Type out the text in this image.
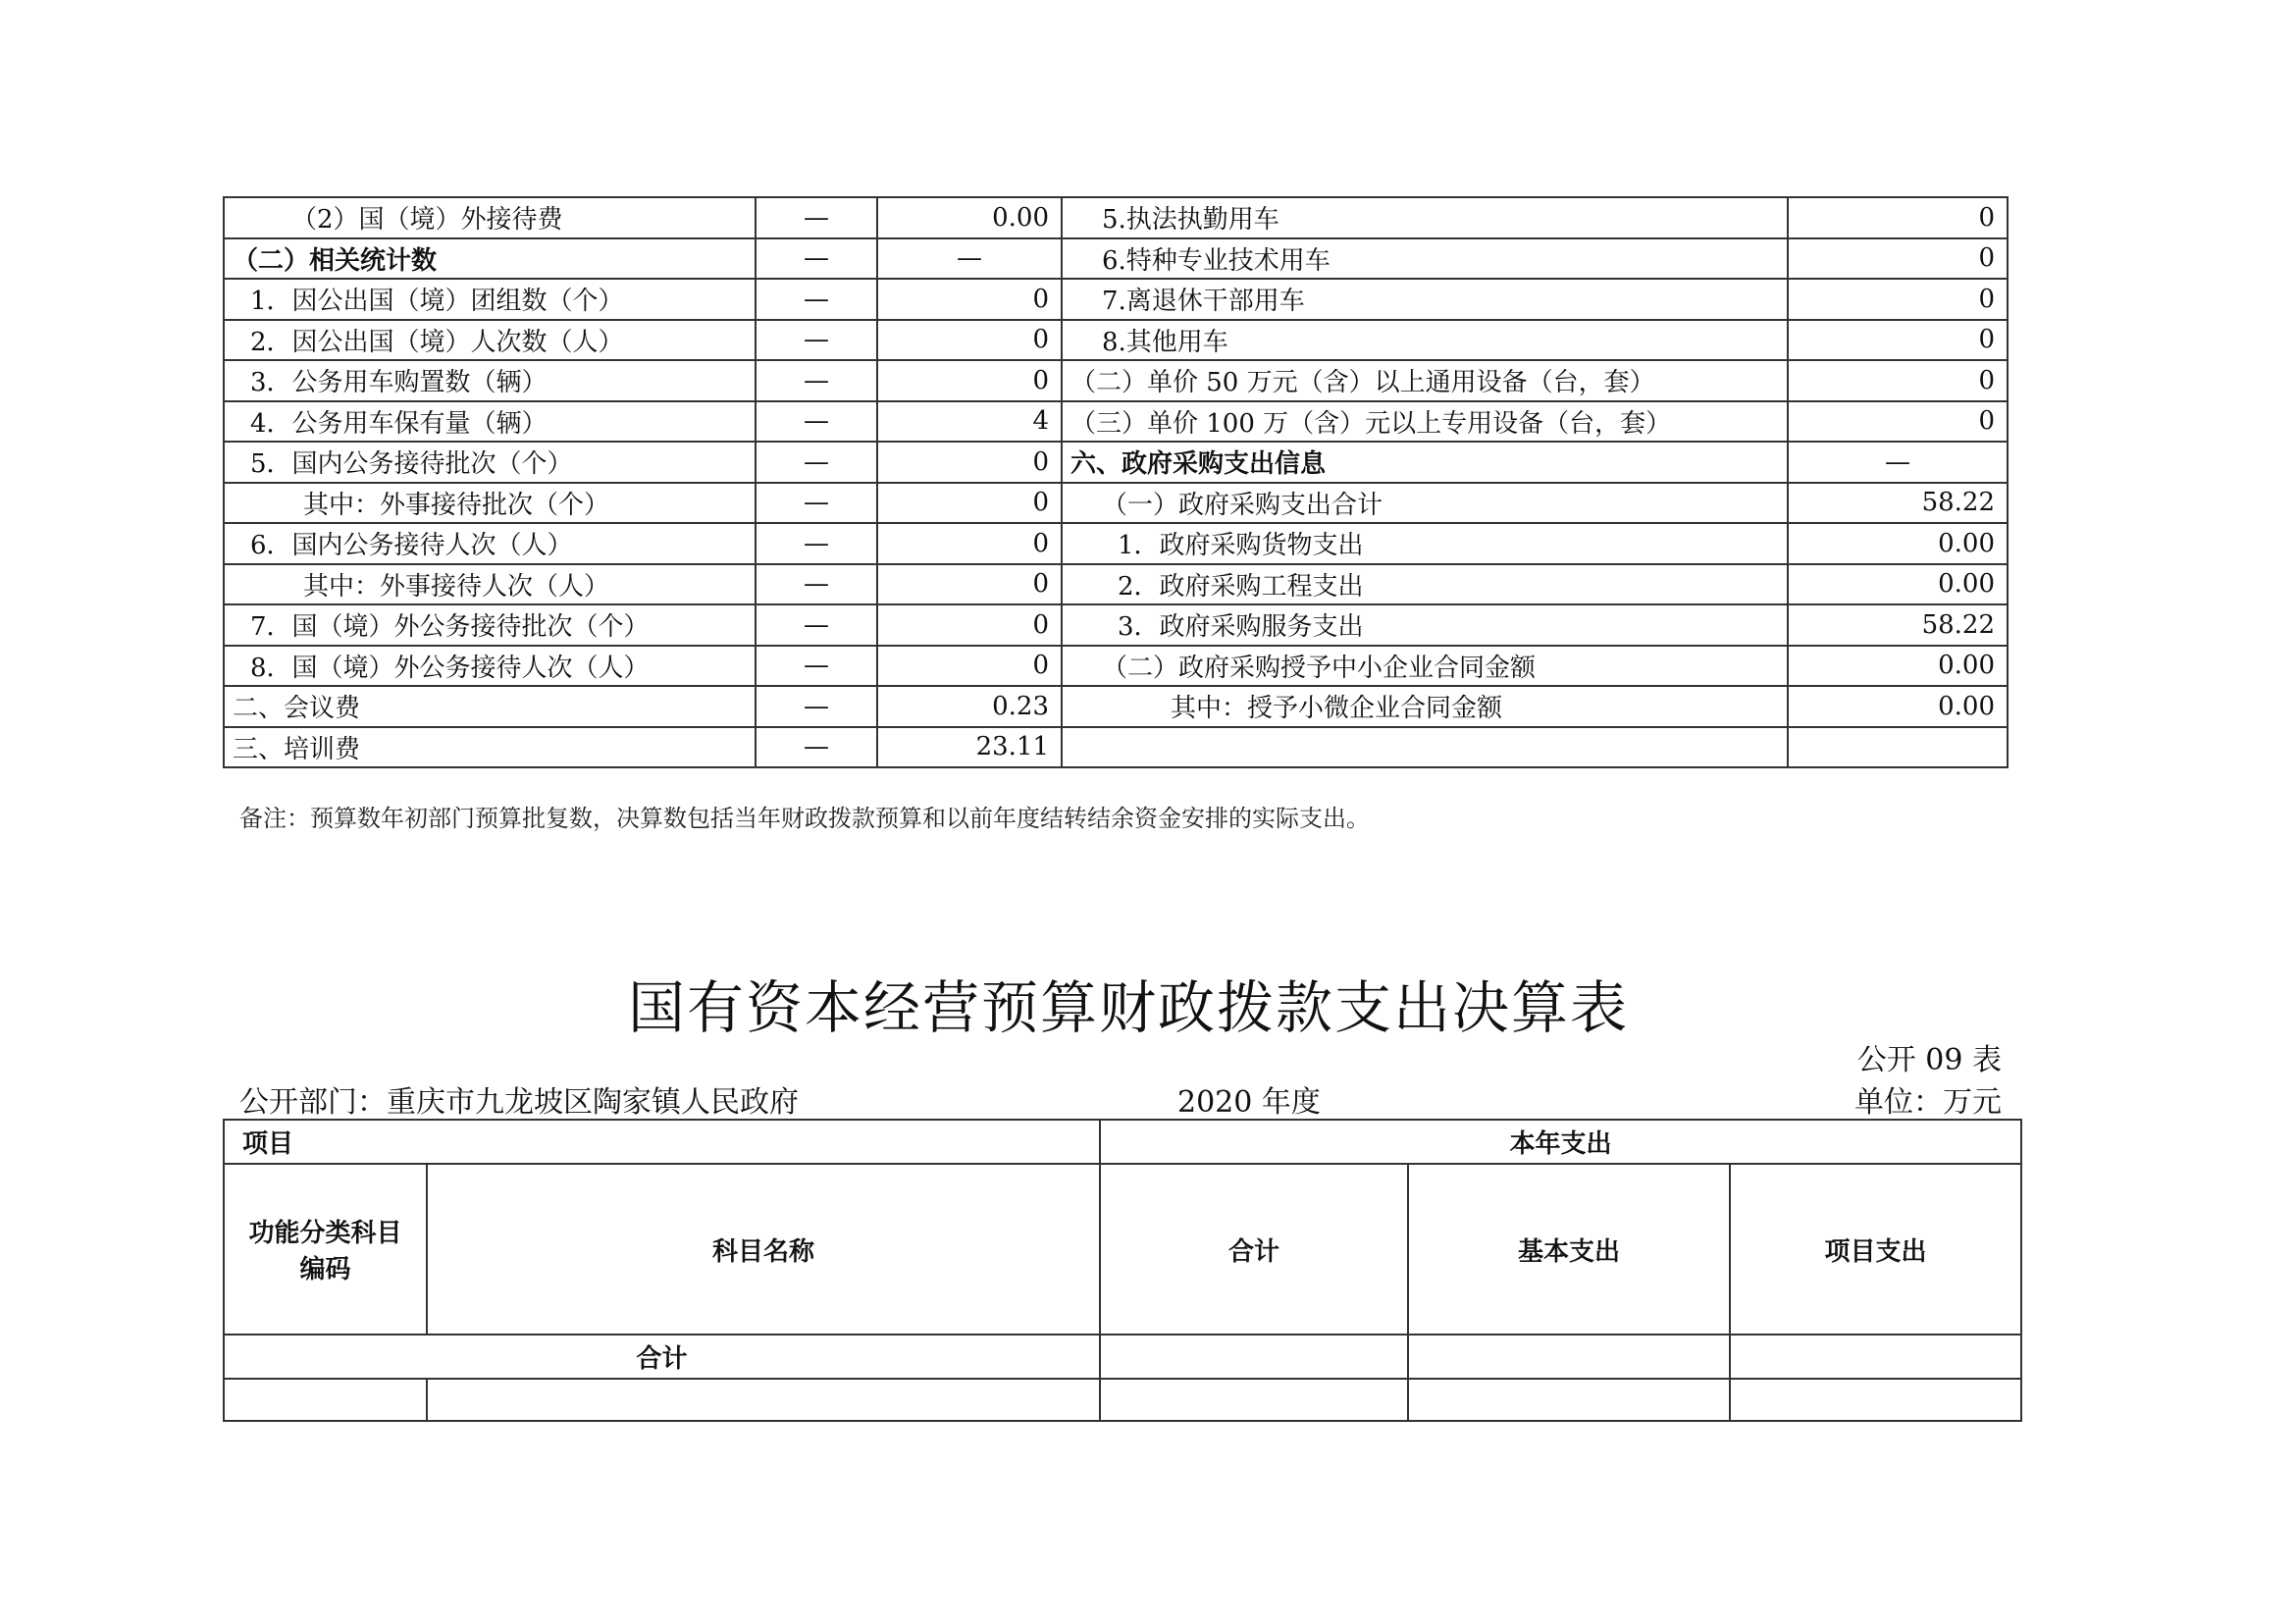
（2）国（境）外接待费	—	0.00	5.执法执勤用车	0
（二）相关统计数	—	—	6.特种专业技术用车	0
1．因公出国（境）团组数（个）	—	0	7.离退休干部用车	0
2．因公出国（境）人次数（人）	—	0	8.其他用车	0
3．公务用车购置数（辆）	—	0	（二）单价 50 万元（含）以上通用设备（台，套）	0
4．公务用车保有量（辆）	—	4	（三）单价 100 万（含）元以上专用设备（台，套）	0
5．国内公务接待批次（个）	—	0	六、政府采购支出信息	—
其中：外事接待批次（个）	—	0	（一）政府采购支出合计	58.22
6．国内公务接待人次（人）	—	0	1．政府采购货物支出	0.00
其中：外事接待人次（人）	—	0	2．政府采购工程支出	0.00
7．国（境）外公务接待批次（个）	—	0	3．政府采购服务支出	58.22
8．国（境）外公务接待人次（人）	—	0	（二）政府采购授予中小企业合同金额	0.00
二、会议费	—	0.23	其中：授予小微企业合同金额	0.00
三、培训费	—	23.11		
备注：预算数年初部门预算批复数，决算数包括当年财政拨款预算和以前年度结转结余资金安排的实际支出。
国有资本经营预算财政拨款支出决算表
公开 09 表
公开部门：重庆市九龙坡区陶家镇人民政府	2020 年度	单位：万元
项目		本年支出		
功能分类科目编码	科目名称	合计	基本支出	项目支出
合计				
